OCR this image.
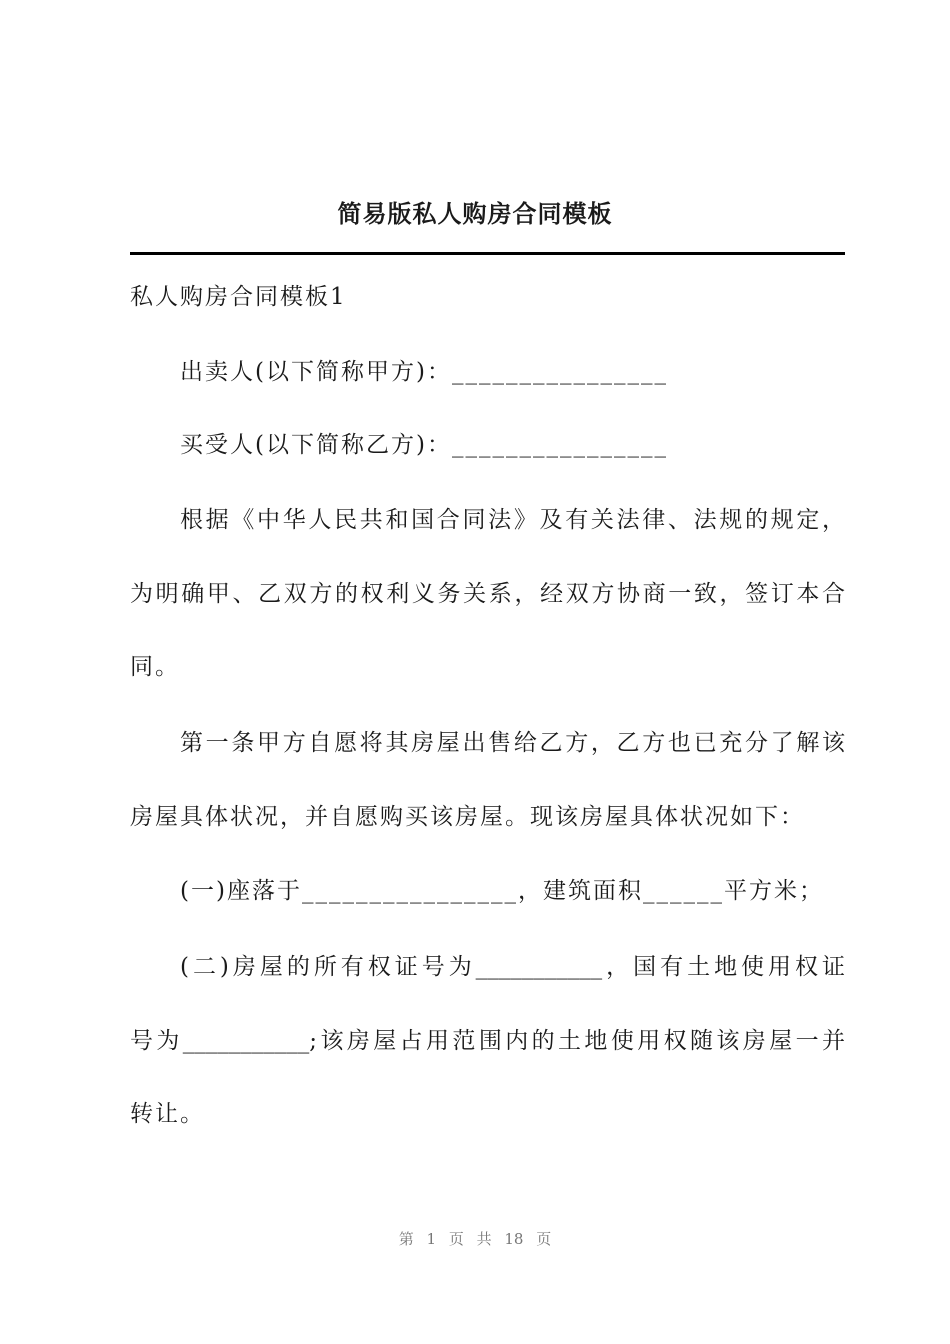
简易版私人购房合同模板
私人购房合同模板1
出卖人(以下简称甲方)：________________
买受人(以下简称乙方)：________________
根据《中华人民共和国合同法》及有关法律、法规的规定，
为明确甲、乙双方的权利义务关系，经双方协商一致，签订本合
同。
第一条甲方自愿将其房屋出售给乙方，乙方也已充分了解该
房屋具体状况，并自愿购买该房屋。现该房屋具体状况如下：
(一)座落于________________，建筑面积______平方米；
(二)房屋的所有权证号为___________，国有土地使用权证
号为___________;该房屋占用范围内的土地使用权随该房屋一并
转让。
第 1 页 共 18 页
